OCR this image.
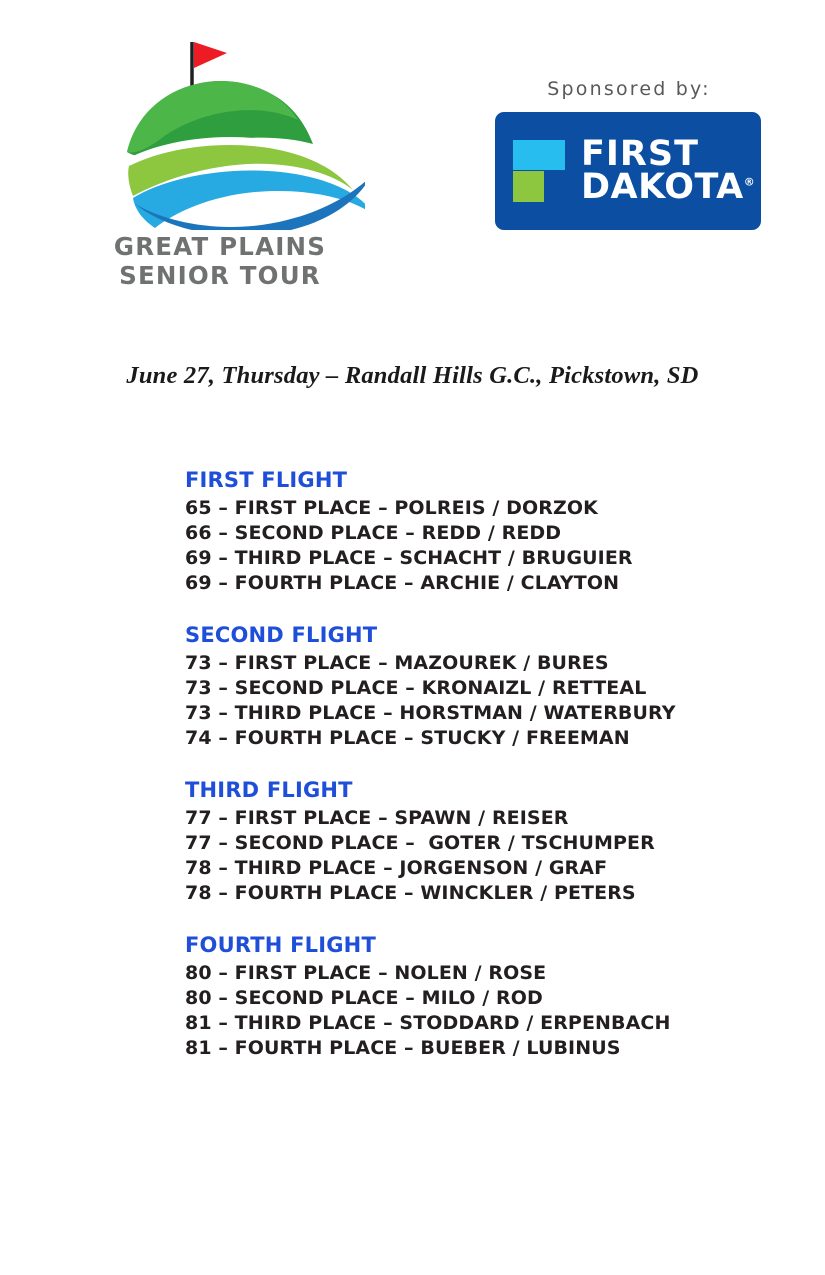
GREAT PLAINS SENIOR TOUR
Sponsored by:
FIRST
DAKOTA®
June 27, Thursday – Randall Hills G.C., Pickstown, SD
FIRST FLIGHT
65 – FIRST PLACE – POLREIS / DORZOK
66 – SECOND PLACE – REDD / REDD
69 – THIRD PLACE – SCHACHT / BRUGUIER
69 – FOURTH PLACE – ARCHIE / CLAYTON
SECOND FLIGHT
73 – FIRST PLACE – MAZOUREK / BURES
73 – SECOND PLACE – KRONAIZL / RETTEAL
73 – THIRD PLACE – HORSTMAN / WATERBURY
74 – FOURTH PLACE – STUCKY / FREEMAN
THIRD FLIGHT
77 – FIRST PLACE – SPAWN / REISER
77 – SECOND PLACE –  GOTER / TSCHUMPER
78 – THIRD PLACE – JORGENSON / GRAF
78 – FOURTH PLACE – WINCKLER / PETERS
FOURTH FLIGHT
80 – FIRST PLACE – NOLEN / ROSE
80 – SECOND PLACE – MILO / ROD
81 – THIRD PLACE – STODDARD / ERPENBACH
81 – FOURTH PLACE – BUEBER / LUBINUS
